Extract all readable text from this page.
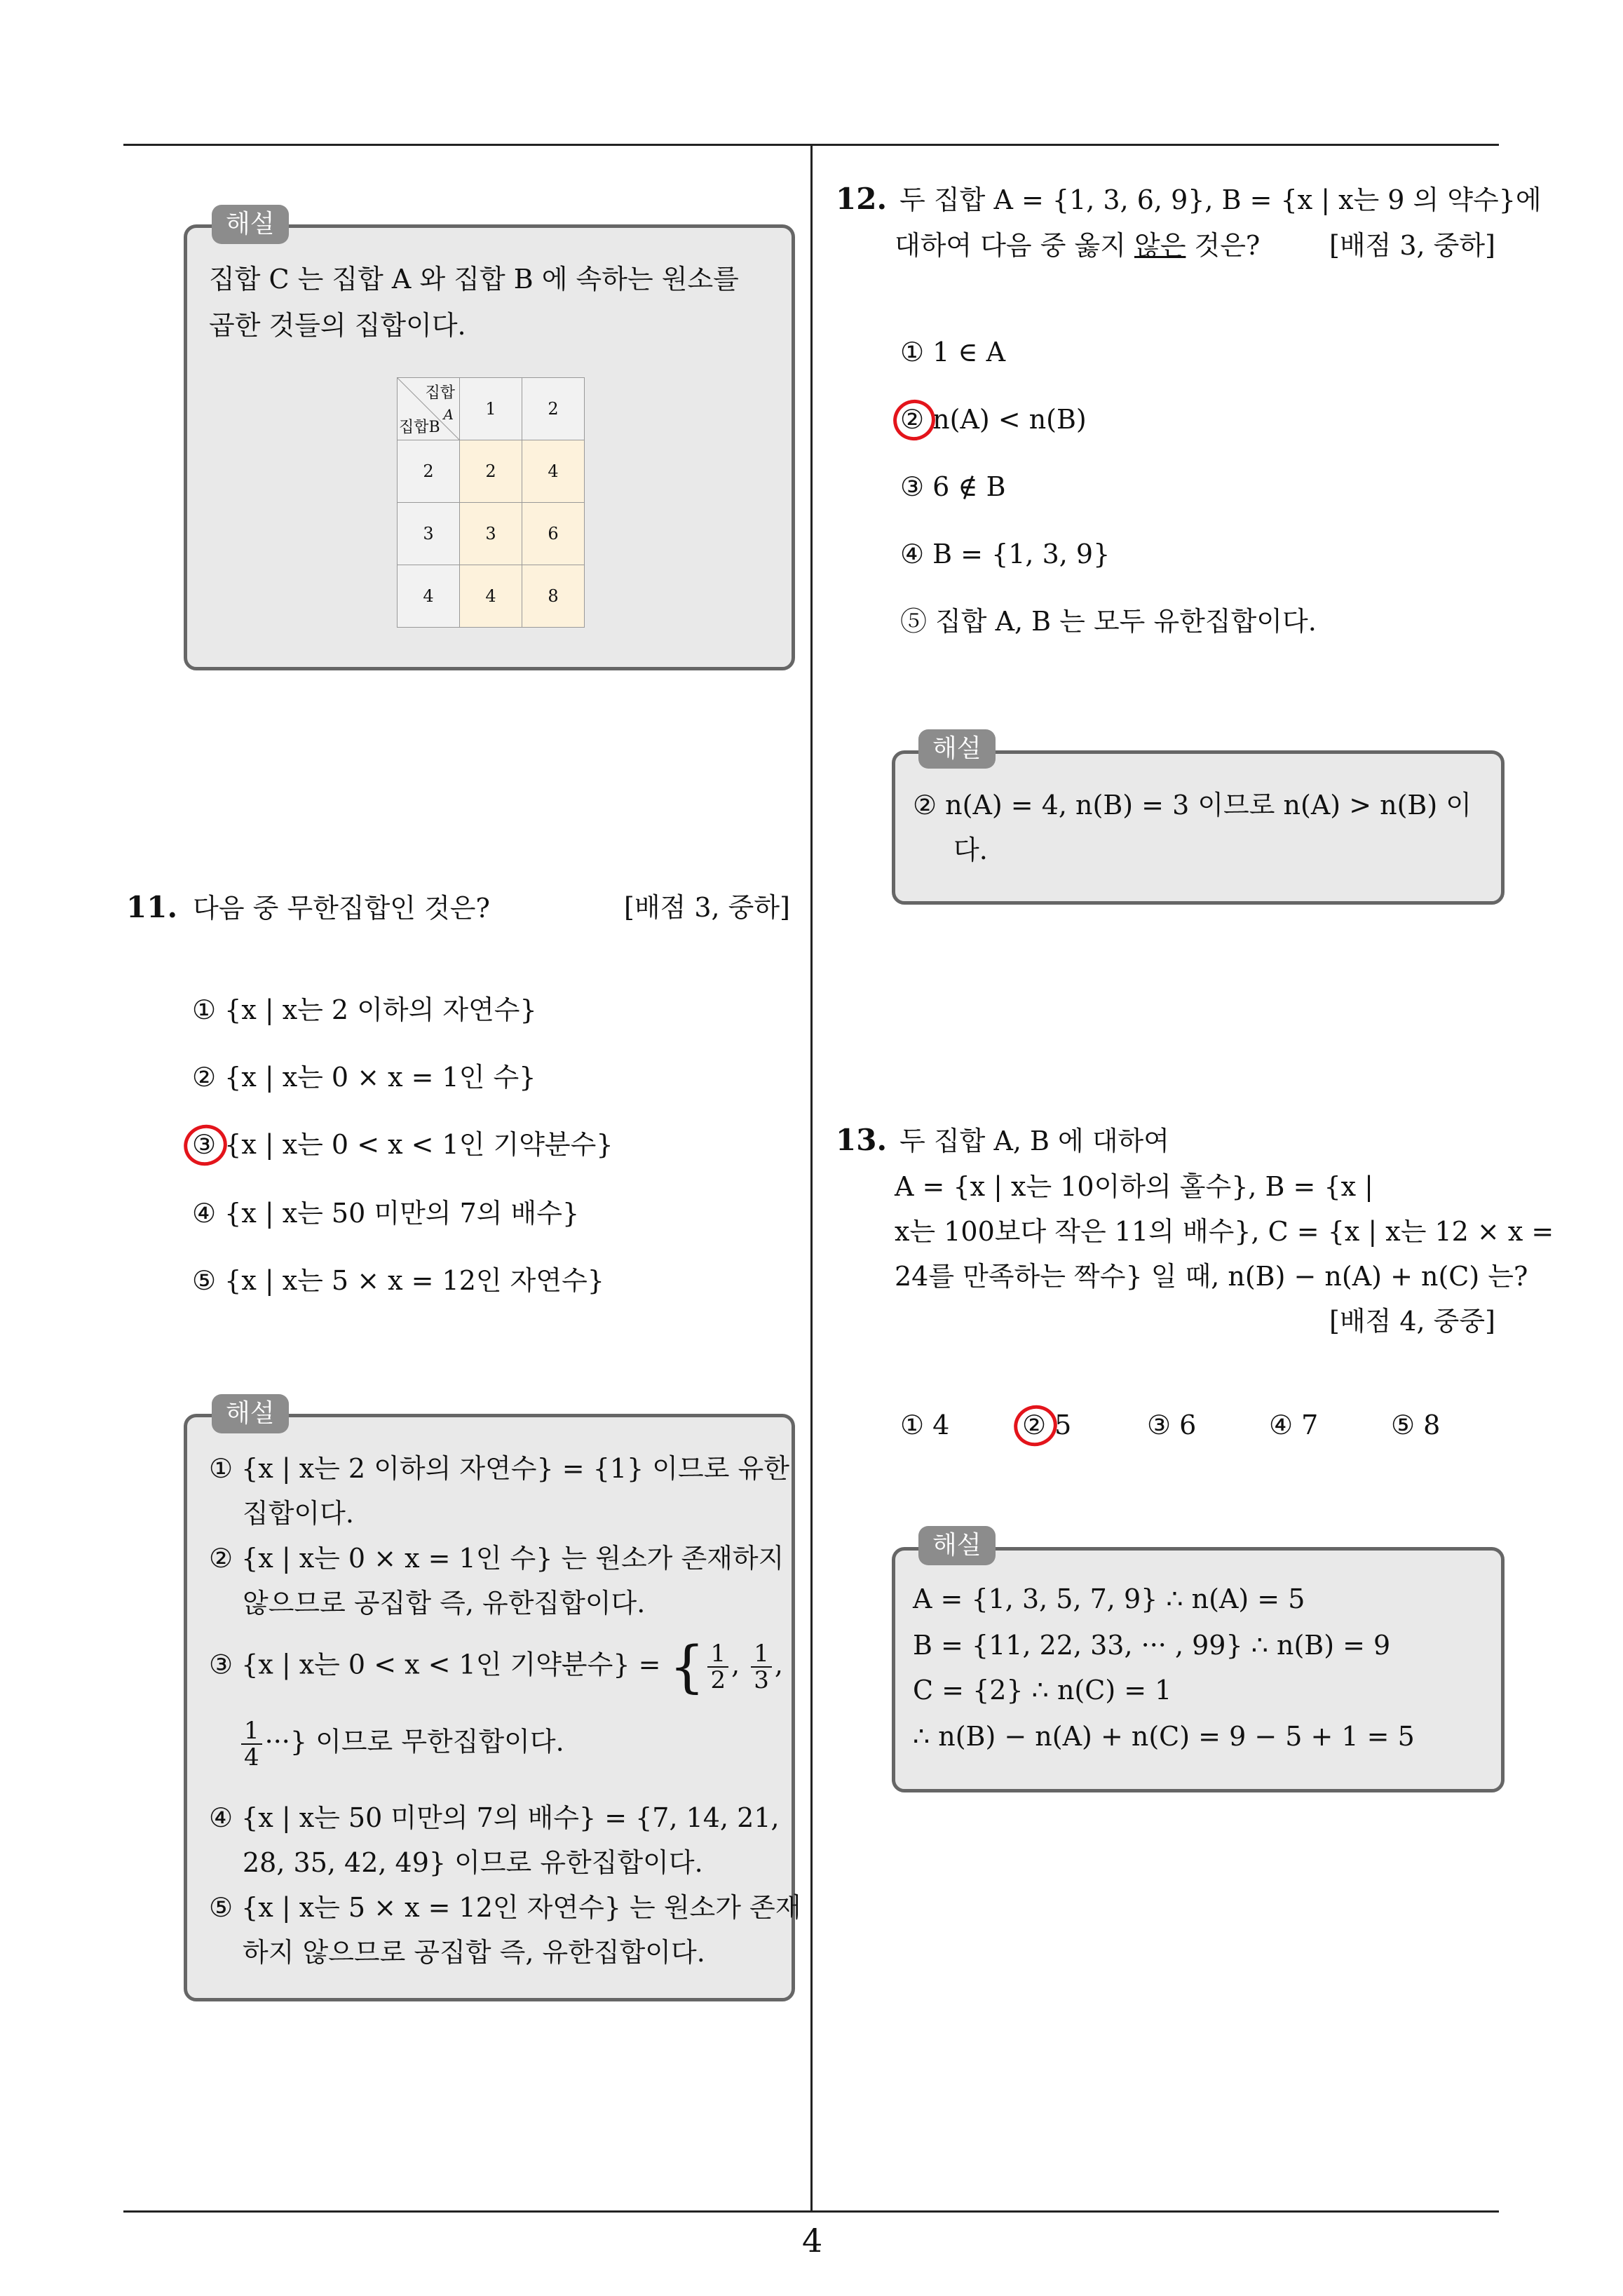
해설
집합 C 는 집합 A 와 집합 B 에 속하는 원소를
곱한 것들의 집합이다.
집합
A
집합B	1	2
2	2	4
3	3	6
4	4	8
11. 다음 중 무한집합인 것은?	[배점 3, 중하]
① {x | x는 2 이하의 자연수}
② {x | x는 0 × x = 1인 수}
③ {x | x는 0 < x < 1인 기약분수}
④ {x | x는 50 미만의 7의 배수}
⑤ {x | x는 5 × x = 12인 자연수}
해설
① {x | x는 2 이하의 자연수} = {1} 이므로 유한
집합이다.
② {x | x는 0 × x = 1인 수} 는 원소가 존재하지
않으므로 공집합 즉, 유한집합이다.
③ {x | x는 0 < x < 1인 기약분수} = { $\frac{1}{2}$ , $\frac{1}{3}$ ,
$\frac{1}{4}$ ···} 이므로 무한집합이다.
④ {x | x는 50 미만의 7의 배수} = {7, 14, 21,
28, 35, 42, 49} 이므로 유한집합이다.
⑤ {x | x는 5 × x = 12인 자연수} 는 원소가 존재
하지 않으므로 공집합 즉, 유한집합이다.
12. 두 집합 A = {1, 3, 6, 9}, B = {x | x는 9 의 약수}에
대하여 다음 중 옳지 않은 것은?	[배점 3, 중하]
① 1 ∈ A
② n(A) < n(B)
③ 6 ∉ B
④ B = {1, 3, 9}
⑤ 집합 A, B 는 모두 유한집합이다.
해설
② n(A) = 4, n(B) = 3 이므로 n(A) > n(B) 이
다.
13. 두 집합 A, B 에 대하여
A = {x | x는 10이하의 홀수}, B = {x |
x는 100보다 작은 11의 배수}, C = {x | x는 12 × x =
24를 만족하는 짝수} 일 때, n(B) − n(A) + n(C) 는?
[배점 4, 중중]
① 4	② 5	③ 6	④ 7	⑤ 8
해설
A = {1, 3, 5, 7, 9} ∴ n(A) = 5
B = {11, 22, 33, ··· , 99} ∴ n(B) = 9
C = {2} ∴ n(C) = 1
∴ n(B) − n(A) + n(C) = 9 − 5 + 1 = 5
4
